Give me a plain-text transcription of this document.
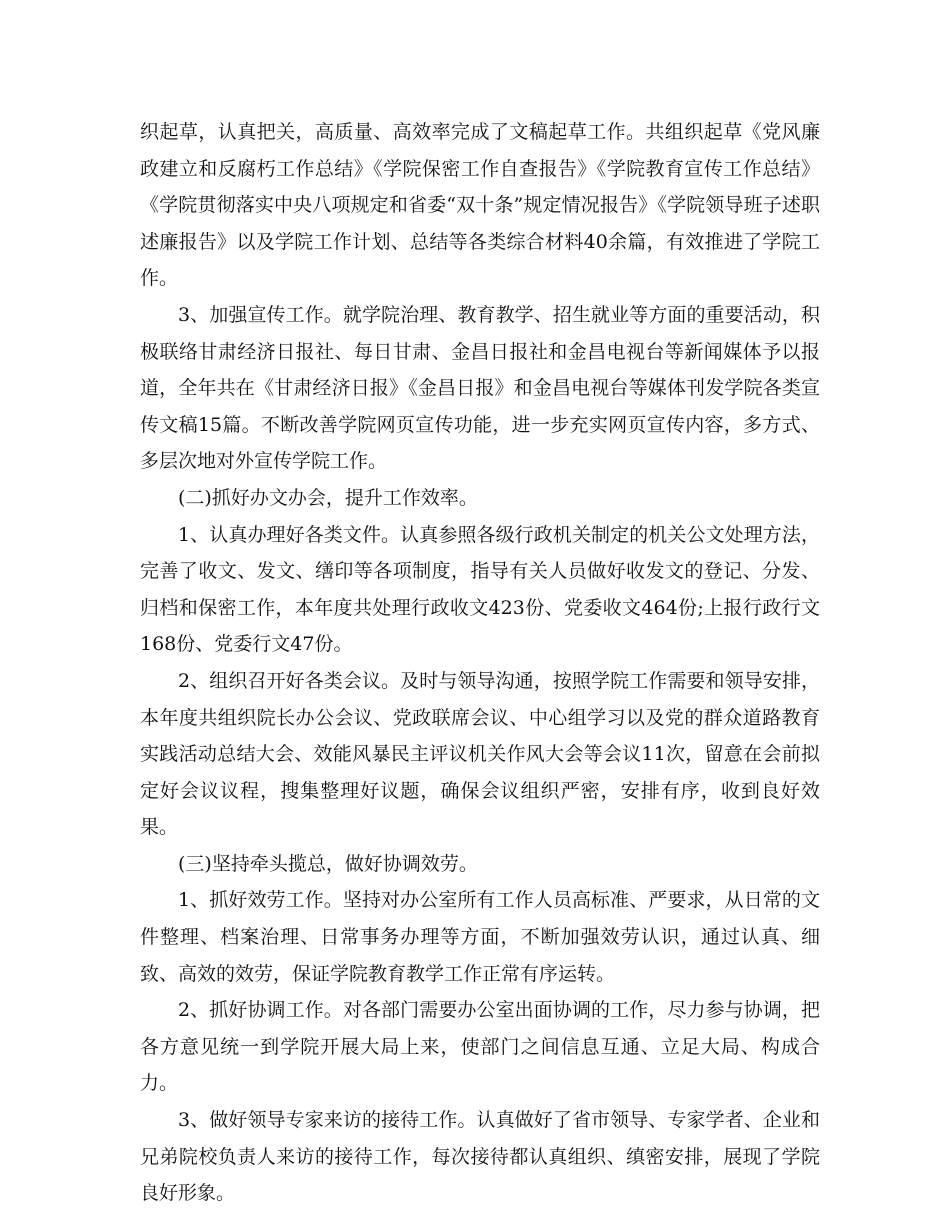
织起草，认真把关，高质量、高效率完成了文稿起草工作。共组织起草《党风廉政建立和反腐朽工作总结》《学院保密工作自查报告》《学院教育宣传工作总结》《学院贯彻落实中央八项规定和省委“双十条”规定情况报告》《学院领导班子述职述廉报告》以及学院工作计划、总结等各类综合材料40余篇，有效推进了学院工作。

3、加强宣传工作。就学院治理、教育教学、招生就业等方面的重要活动，积极联络甘肃经济日报社、每日甘肃、金昌日报社和金昌电视台等新闻媒体予以报道，全年共在《甘肃经济日报》《金昌日报》和金昌电视台等媒体刊发学院各类宣传文稿15篇。不断改善学院网页宣传功能，进一步充实网页宣传内容，多方式、多层次地对外宣传学院工作。

(二)抓好办文办会，提升工作效率。

1、认真办理好各类文件。认真参照各级行政机关制定的机关公文处理方法，完善了收文、发文、缮印等各项制度，指导有关人员做好收发文的登记、分发、归档和保密工作，本年度共处理行政收文423份、党委收文464份;上报行政行文168份、党委行文47份。

2、组织召开好各类会议。及时与领导沟通，按照学院工作需要和领导安排，本年度共组织院长办公会议、党政联席会议、中心组学习以及党的群众道路教育实践活动总结大会、效能风暴民主评议机关作风大会等会议11次，留意在会前拟定好会议议程，搜集整理好议题，确保会议组织严密，安排有序，收到良好效果。

(三)坚持牵头揽总，做好协调效劳。

1、抓好效劳工作。坚持对办公室所有工作人员高标准、严要求，从日常的文件整理、档案治理、日常事务办理等方面，不断加强效劳认识，通过认真、细致、高效的效劳，保证学院教育教学工作正常有序运转。

2、抓好协调工作。对各部门需要办公室出面协调的工作，尽力参与协调，把各方意见统一到学院开展大局上来，使部门之间信息互通、立足大局、构成合力。

3、做好领导专家来访的接待工作。认真做好了省市领导、专家学者、企业和兄弟院校负责人来访的接待工作，每次接待都认真组织、缜密安排，展现了学院良好形象。
